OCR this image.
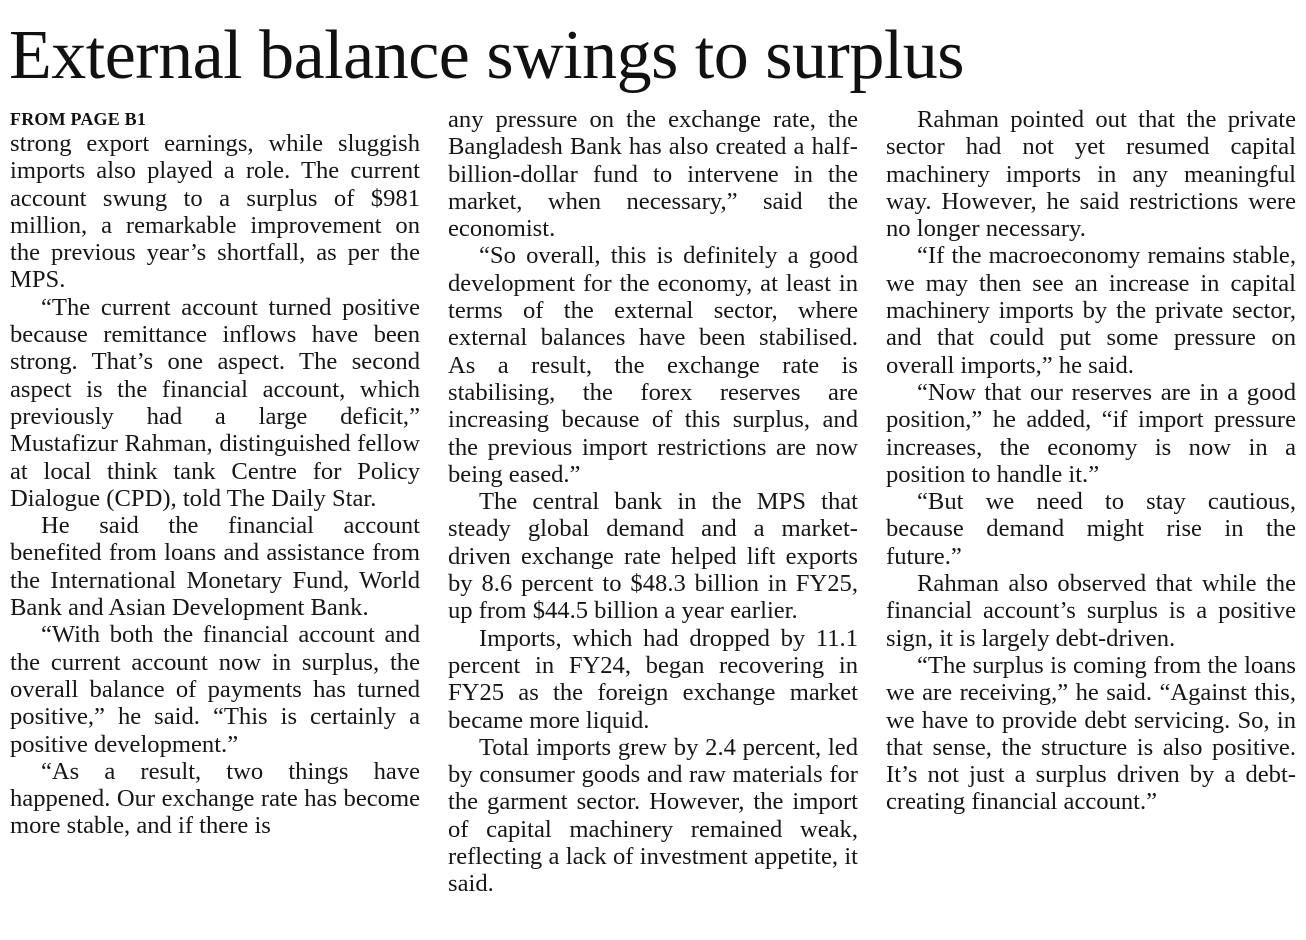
External balance swings to surplus
FROM PAGE B1

strong export earnings, while sluggish imports also played a role. The current account swung to a surplus of $981 million, a remarkable improvement on the previous year’s shortfall, as per the MPS.

“The current account turned positive because remittance inflows have been strong. That’s one aspect. The second aspect is the financial account, which previously had a large deficit,” Mustafizur Rahman, distinguished fellow at local think tank Centre for Policy Dialogue (CPD), told The Daily Star.

He said the financial account benefited from loans and assistance from the International Monetary Fund, World Bank and Asian Development Bank.

“With both the financial account and the current account now in surplus, the overall balance of payments has turned positive,” he said. “This is certainly a positive development.”

“As a result, two things have happened. Our exchange rate has become more stable, and if there is

any pressure on the exchange rate, the Bangladesh Bank has also created a half-billion-dollar fund to intervene in the market, when necessary,” said the economist.

“So overall, this is definitely a good development for the economy, at least in terms of the external sector, where external balances have been stabilised. As a result, the exchange rate is stabilising, the forex reserves are increasing because of this surplus, and the previous import restrictions are now being eased.”

The central bank in the MPS that steady global demand and a market-driven exchange rate helped lift exports by 8.6 percent to $48.3 billion in FY25, up from $44.5 billion a year earlier.

Imports, which had dropped by 11.1 percent in FY24, began recovering in FY25 as the foreign exchange market became more liquid.

Total imports grew by 2.4 percent, led by consumer goods and raw materials for the garment sector. However, the import of capital machinery remained weak, reflecting a lack of investment appetite, it said.

Rahman pointed out that the private sector had not yet resumed capital machinery imports in any meaningful way. However, he said restrictions were no longer necessary.

“If the macroeconomy remains stable, we may then see an increase in capital machinery imports by the private sector, and that could put some pressure on overall imports,” he said.

“Now that our reserves are in a good position,” he added, “if import pressure increases, the economy is now in a position to handle it.”

“But we need to stay cautious, because demand might rise in the future.”

Rahman also observed that while the financial account’s surplus is a positive sign, it is largely debt-driven.

“The surplus is coming from the loans we are receiving,” he said. “Against this, we have to provide debt servicing. So, in that sense, the structure is also positive. It’s not just a surplus driven by a debt-creating financial account.”
